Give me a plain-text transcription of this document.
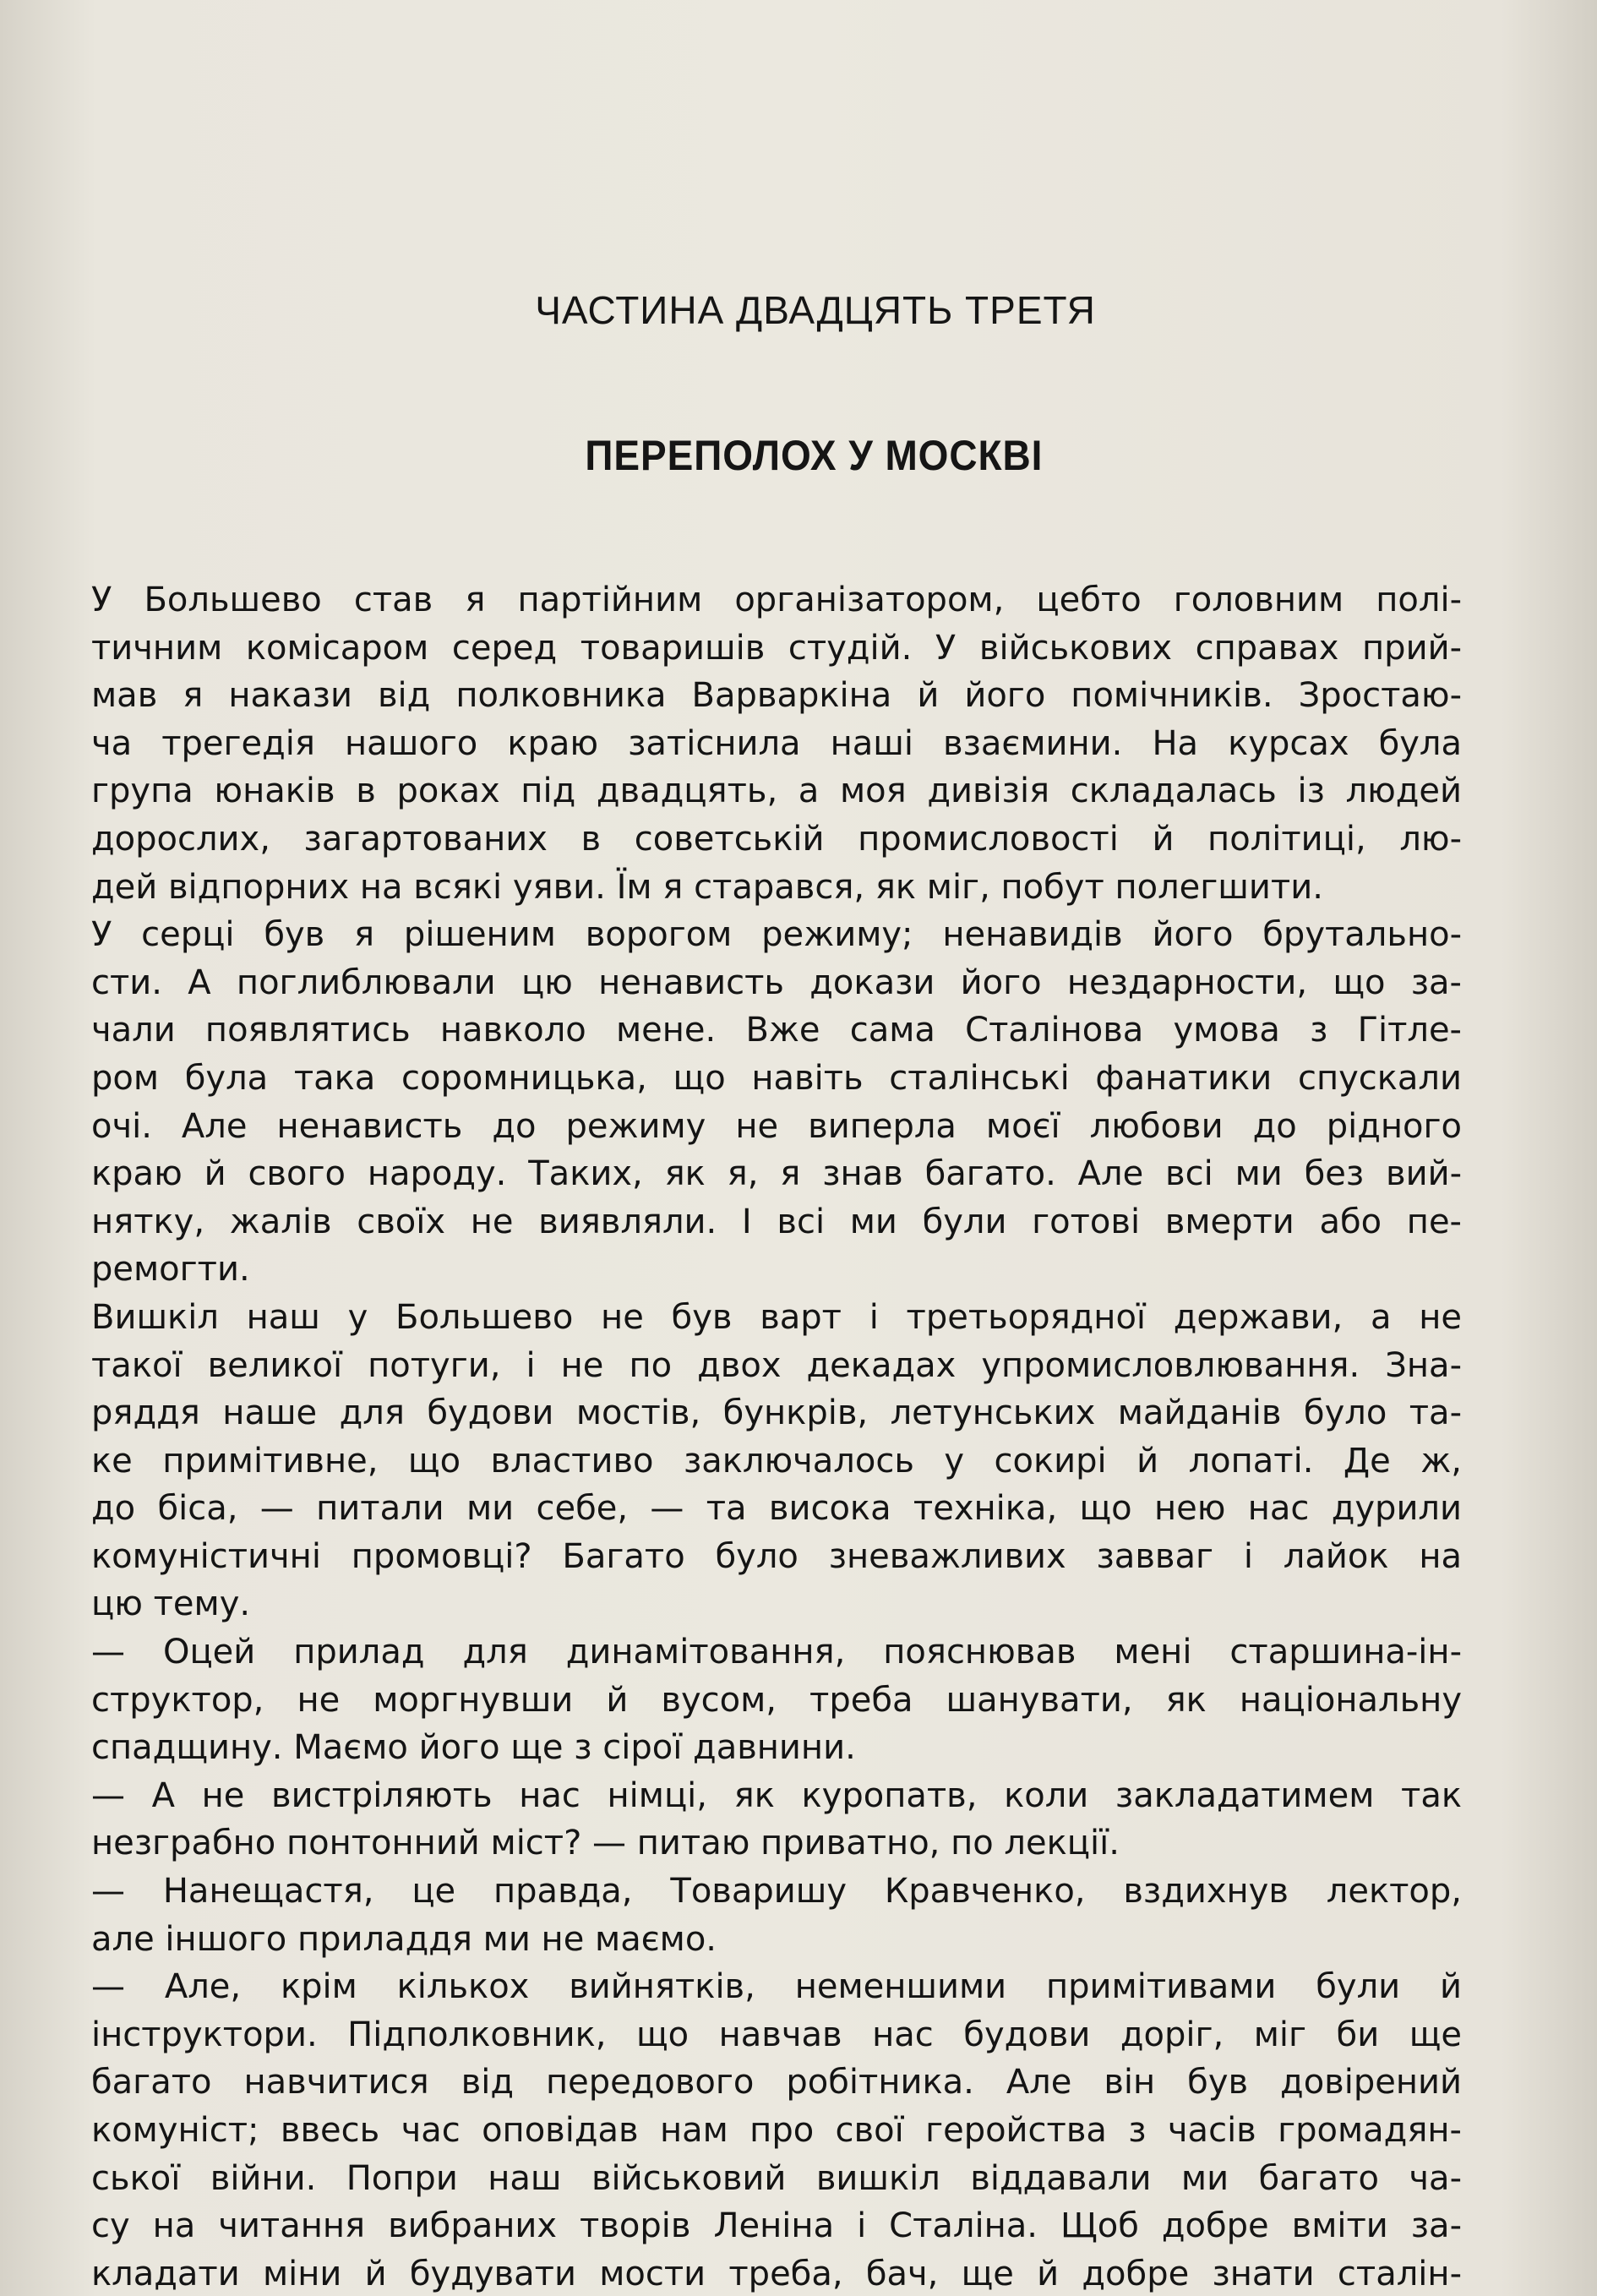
ЧАСТИНА ДВАДЦЯТЬ ТРЕТЯ
ПЕРЕПОЛОХ У МОСКВІ
У Большево став я партійним організатором, цебто головним полі-
тичним комісаром серед товаришів студій. У військових справах прий-
мав я накази від полковника Варваркіна й його помічників. Зростаю-
ча трегедія нашого краю затіснила наші взаємини. На курсах була
група юнаків в роках під двадцять, а моя дивізія складалась із людей
дорослих, загартованих в советській промисловості й політиці, лю-
дей відпорних на всякі уяви. Їм я старався, як міг, побут полегшити.
У серці був я рішеним ворогом режиму; ненавидів його брутально-
сти. А поглиблювали цю ненависть докази його нездарности, що за-
чали появлятись навколо мене. Вже сама Сталінова умова з Гітле-
ром була така соромницька, що навіть сталінські фанатики спускали
очі. Але ненависть до режиму не виперла моєї любови до рідного
краю й свого народу. Таких, як я, я знав багато. Але всі ми без вий-
нятку, жалів своїх не виявляли. І всі ми були готові вмерти або пе-
ремогти.
Вишкіл наш у Большево не був варт і третьорядної держави, а не
такої великої потуги, і не по двох декадах упромисловлювання. Зна-
ряддя наше для будови мостів, бункрів, летунських майданів було та-
ке примітивне, що властиво заключалось у сокирі й лопаті. Де ж,
до біса, — питали ми себе, — та висока техніка, що нею нас дурили
комуністичні промовці? Багато було зневажливих завваг і лайок на
цю тему.
— Оцей прилад для динамітовання, пояснював мені старшина-ін-
структор, не моргнувши й вусом, треба шанувати, як національну
спадщину. Маємо його ще з сірої давнини.
— А не вистріляють нас німці, як куропатв, коли закладатимем так
незграбно понтонний міст? — питаю приватно, по лекції.
— Нанещастя, це правда, Товаришу Кравченко, вздихнув лектор,
але іншого приладдя ми не маємо.
— Але, крім кількох вийнятків, неменшими примітивами були й
інструктори. Підполковник, що навчав нас будови доріг, міг би ще
багато навчитися від передового робітника. Але він був довірений
комуніст; ввесь час оповідав нам про свої геройства з часів громадян-
ської війни. Попри наш військовий вишкіл віддавали ми багато ча-
су на читання вибраних творів Леніна і Сталіна. Щоб добре вміти за-
кладати міни й будувати мости треба, бач, ще й добре знати сталін-
